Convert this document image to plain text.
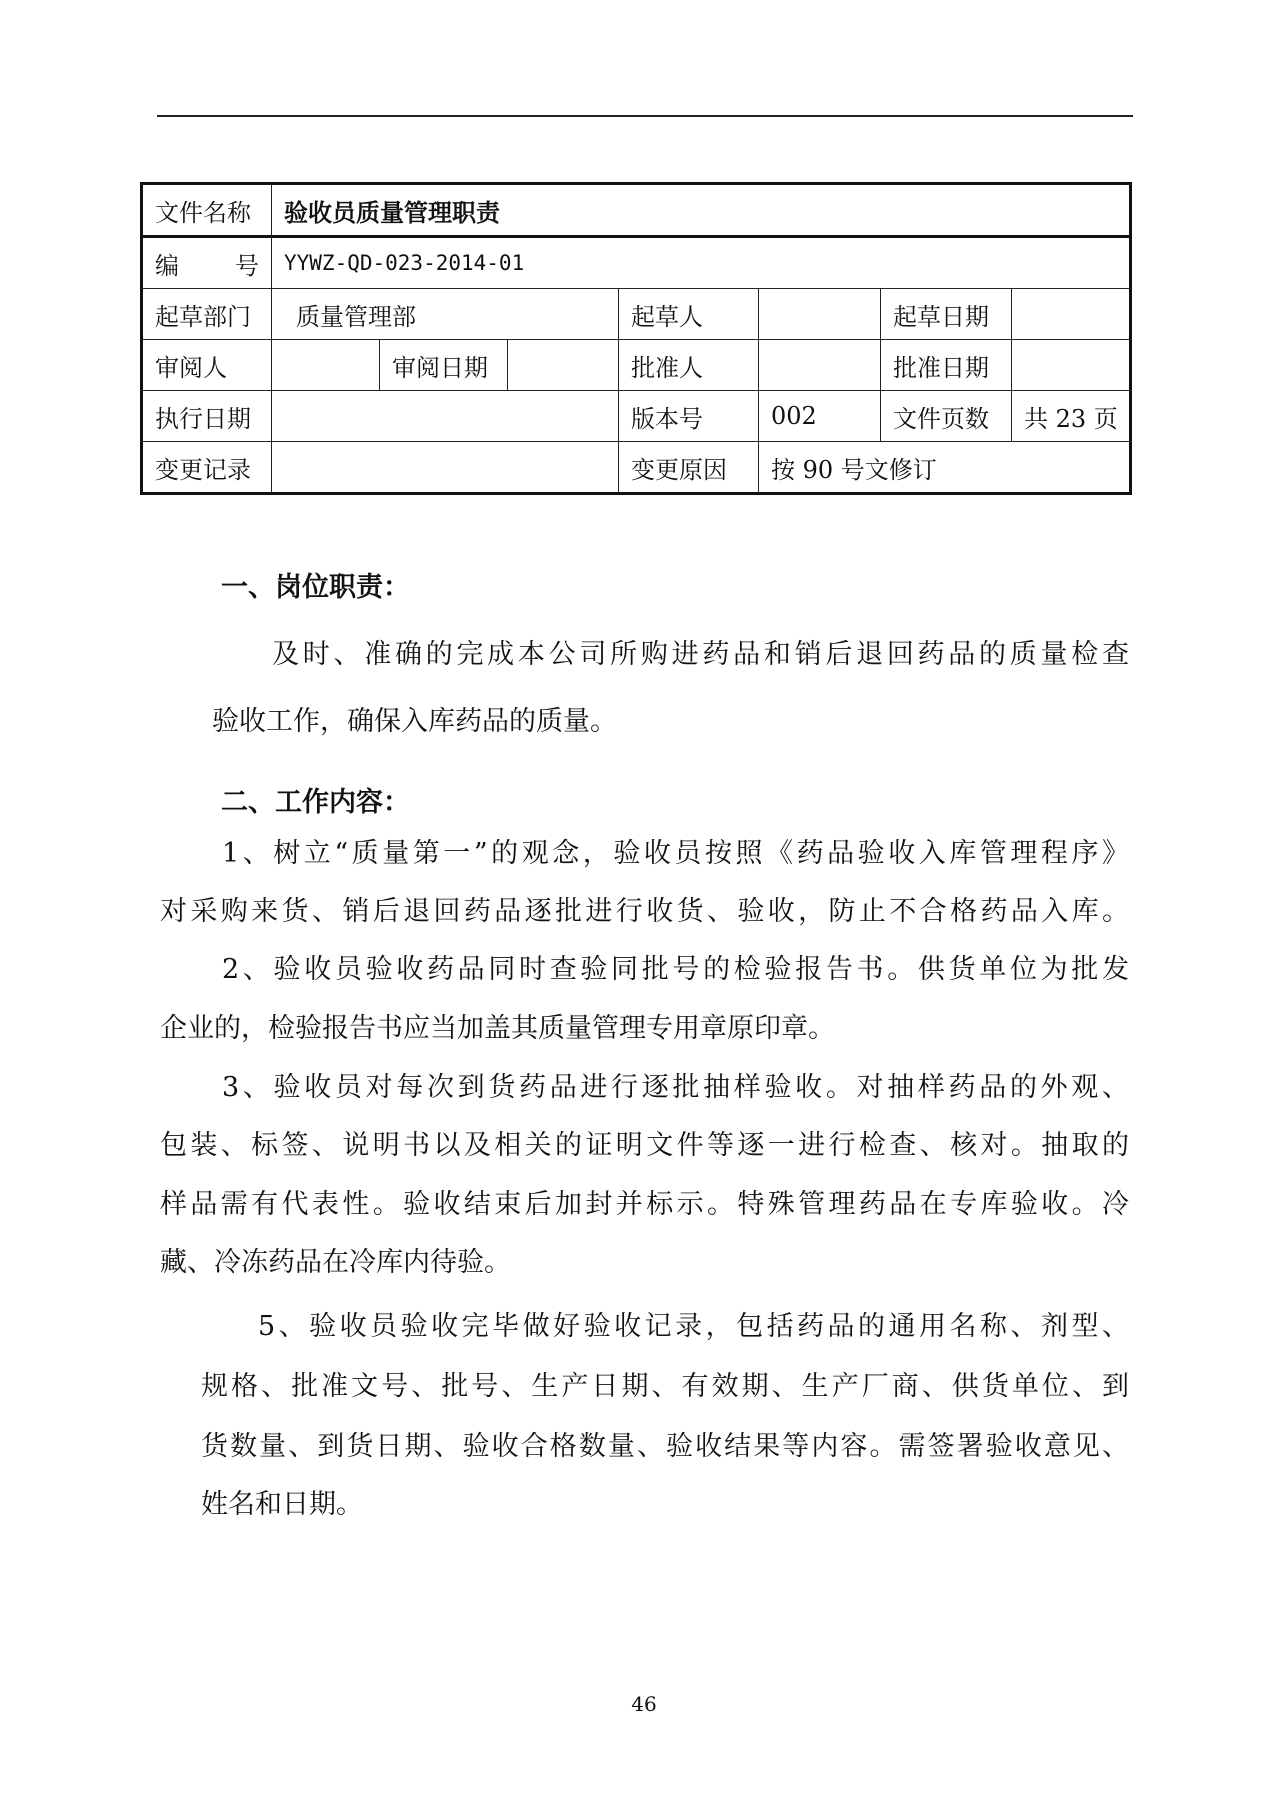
文件名称	验收员质量管理职责						

编 号	YYWZ-QD-023-2014-01						
起草部门	质量管理部			起草人		起草日期	
审阅人		审阅日期		批准人		批准日期	
执行日期				版本号	002	文件页数	共 23 页
变更记录				变更原因	按 90 号文修订		
一、岗位职责：
及时、准确的完成本公司所购进药品和销后退回药品的质量检查
验收工作，确保入库药品的质量。
二、工作内容：
1、树立“质量第一”的观念，验收员按照《药品验收入库管理程序》
对采购来货、销后退回药品逐批进行收货、验收，防止不合格药品入库。
2、验收员验收药品同时查验同批号的检验报告书。供货单位为批发
企业的，检验报告书应当加盖其质量管理专用章原印章。
3、验收员对每次到货药品进行逐批抽样验收。对抽样药品的外观、
包装、标签、说明书以及相关的证明文件等逐一进行检查、核对。抽取的
样品需有代表性。验收结束后加封并标示。特殊管理药品在专库验收。冷
藏、冷冻药品在冷库内待验。
5、验收员验收完毕做好验收记录，包括药品的通用名称、剂型、
规格、批准文号、批号、生产日期、有效期、生产厂商、供货单位、到
货数量、到货日期、验收合格数量、验收结果等内容。需签署验收意见、
姓名和日期。
46
